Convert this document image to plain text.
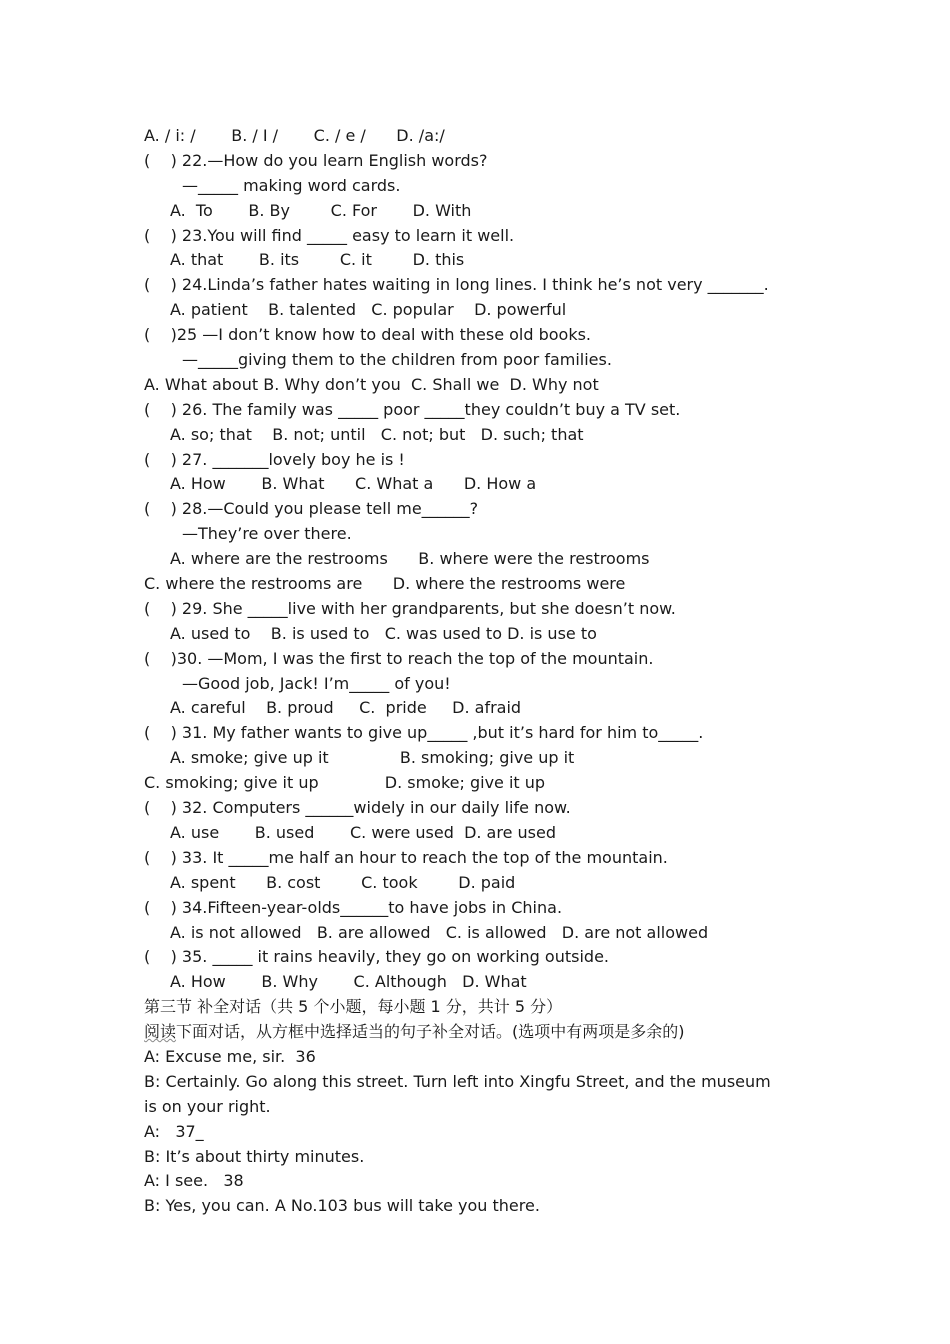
A. / i: /       B. / I /       C. / e /      D. /a:/
(    ) 22.—How do you learn English words?
—_____ making word cards.
A.  To       B. By        C. For       D. With
(    ) 23.You will find _____ easy to learn it well.
A. that       B. its        C. it        D. this
(    ) 24.Linda’s father hates waiting in long lines. I think he’s not very _______.
A. patient    B. talented   C. popular    D. powerful
(    )25 —I don’t know how to deal with these old books.
—_____giving them to the children from poor families.
A. What about B. Why don’t you  C. Shall we  D. Why not
(    ) 26. The family was _____ poor _____they couldn’t buy a TV set.
A. so; that    B. not; until   C. not; but   D. such; that
(    ) 27. _______lovely boy he is !
A. How       B. What      C. What a      D. How a
(    ) 28.—Could you please tell me______?
—They’re over there.
A. where are the restrooms      B. where were the restrooms
C. where the restrooms are      D. where the restrooms were
(    ) 29. She _____live with her grandparents, but she doesn’t now.
A. used to    B. is used to   C. was used to D. is use to
(    )30. —Mom, I was the first to reach the top of the mountain.
—Good job, Jack! I’m_____ of you!
A. careful    B. proud     C.  pride     D. afraid
(    ) 31. My father wants to give up_____ ,but it’s hard for him to_____.
A. smoke; give up it              B. smoking; give up it
C. smoking; give it up             D. smoke; give it up
(    ) 32. Computers ______widely in our daily life now.
A. use       B. used       C. were used  D. are used
(    ) 33. It _____me half an hour to reach the top of the mountain.
A. spent      B. cost        C. took        D. paid
(    ) 34.Fifteen-year-olds______to have jobs in China.
A. is not allowed   B. are allowed   C. is allowed   D. are not allowed
(    ) 35. _____ it rains heavily, they go on working outside.
A. How       B. Why       C. Although   D. What
第三节 补全对话（共 5 个小题，每小题 1 分，共计 5 分）
阅读下面对话，从方框中选择适当的句子补全对话。(选项中有两项是多余的)
A: Excuse me, sir.  36
B: Certainly. Go along this street. Turn left into Xingfu Street, and the museum
is on your right.
A:   37_
B: It’s about thirty minutes.
A: I see.   38
B: Yes, you can. A No.103 bus will take you there.
